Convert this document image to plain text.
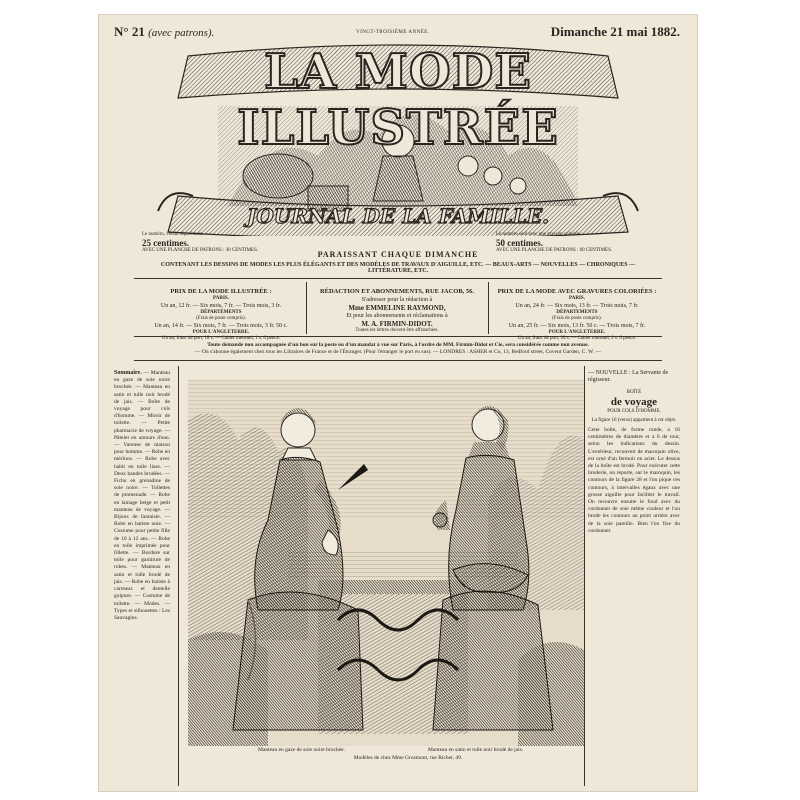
N° 21 (avec patrons).	VINGT-TROISIÈME ANNÉE.	Dimanche 21 mai 1882.
LA MODE ILLUSTRÉE
JOURNAL DE LA FAMILLE.
Le numéro, vendu séparément
25 centimes.
AVEC UNE PLANCHE DE PATRONS : 30 CENTIMES.
Le numéro seul avec une gravure coloriée :
50 centimes.
AVEC UNE PLANCHE DE PATRONS : 60 CENTIMES.
PARAISSANT CHAQUE DIMANCHE
CONTENANT LES DESSINS DE MODES LES PLUS ÉLÉGANTS ET DES MODÈLES DE TRAVAUX D'AIGUILLE, ETC. — BEAUX-ARTS — NOUVELLES — CHRONIQUES — LITTÉRATURE, ETC.
PRIX DE LA MODE ILLUSTRÉE :
PARIS.
Un an, 12 fr. — Six mois, 7 fr. — Trois mois, 3 fr.
DÉPARTEMENTS
(Frais de poste compris).
Un an, 14 fr. — Six mois, 7 fr. — Trois mois, 3 fr. 50 c.
POUR L'ANGLETERRE.
Un an, franc de port, 18 s. — Cahier mensuel, 1 s. 6 pence.
RÉDACTION ET ABONNEMENTS, RUE JACOB, 56.
S'adresser pour la rédaction à
Mme EMMELINE RAYMOND,
Et pour les abonnements et réclamations à
M. A. FIRMIN-DIDOT.
Toutes les lettres doivent être affranchies.
PRIX DE LA MODE AVEC GRAVURES COLORIÉES :
PARIS.
Un an, 24 fr. — Six mois, 13 fr. — Trois mois, 7 fr.
DÉPARTEMENTS
(Frais de poste compris).
Un an, 25 fr. — Six mois, 13 fr. 50 c. — Trois mois, 7 fr.
POUR L'ANGLETERRE.
Un an, franc de port, 30 s. — Cahier mensuel, 2 s. 6 pence.
Toute demande non accompagnée d'un bon sur la poste ou d'un mandat à vue sur Paris, à l'ordre de MM. Firmin-Didot et Cie, sera considérée comme non avenue.
— On s'abonne également chez tous les Libraires de France et de l'Étranger. (Pour l'étranger le port en sus). — LONDRES : ASHER et Co, 13, Bedford street, Covent Garden, C. W. —
Sommaire. — Manteau en gaze de soie noire brochée. — Manteau en satin et tulle noir brodé de jais. — Boîte de voyage pour cols d'homme. — Miroir de toilette. — Petite pharmacie de voyage. — Pâtelet en amours d'eau. — Vareuse de maison pour homme. — Robe en mérinos. — Robe avec habit en toile lisse. — Deux bandes brodées. — Fichu en grenadine de soie noire. — Toilettes de promenade. — Robe en lainage beige et petit manteau de voyage. — Bijoux de fantaisie. — Robe en batiste unie. — Costume pour petite fille de 10 à 12 ans. — Robe en toile imprimée pour fillette. — Bordure sur toile pour garniture de robes. — Manteau en satin et tulle brodé de jais. — Robe en batiste à carreaux et dentelle guipure. — Costume de toilette. — Modes. — Types et silhouettes : Les Sauvagins.
— NOUVELLE : La Servante de régisseur.
BOÎTE
de voyage
POUR COLS D'HOMME.
La figure 16 (verso) appartient à cet objet.
Cette boîte, de forme ronde, a 16 centimètres de diamètre et a 0 de tour, selon les indications du dessin. L'extérieur, recouvert de maroquin olive, est orné d'un fermoir en acier. Le dessus de la boîte est brodé. Pour exécuter cette broderie, on reporte, sur le maroquin, les contours de la figure 28 et l'on pique ces contours, à intervalles égaux avec une grosse aiguille pour faciliter le travail. On recouvre ensuite le fond avec du cordonnet de soie même couleur et l'on brode les contours au point arrière avec de la soie pareille. Bien l'on fixe du cordonnet.
Manteau en gaze de soie noire brochée.	Manteau en satin et tulle noir brodé de jais.
Modèles de chez Mme Grosmont, rue Richer, 49.
